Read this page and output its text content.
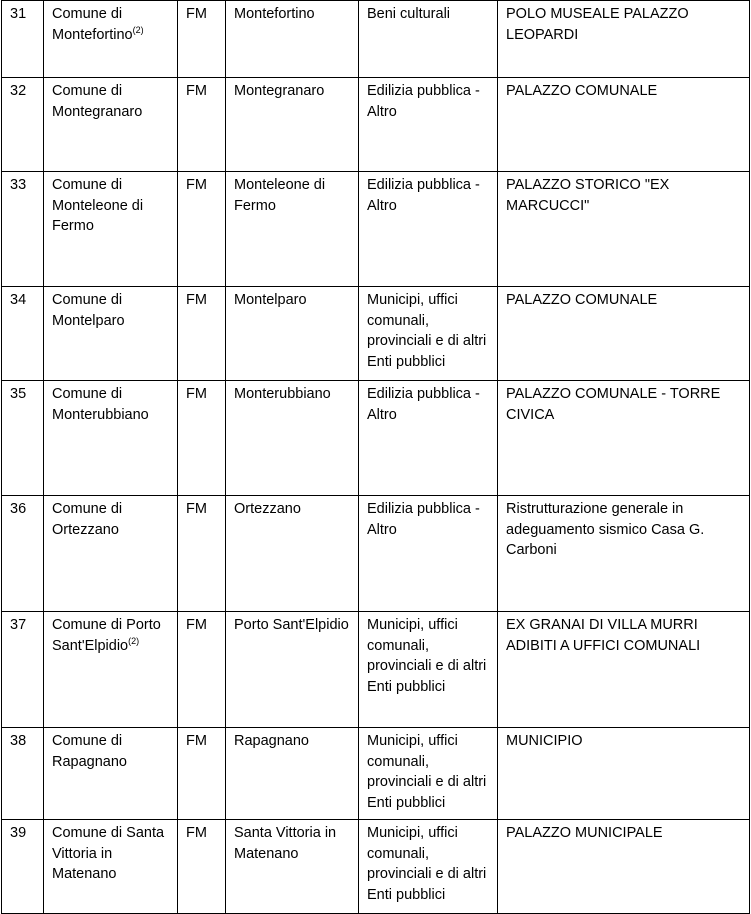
31	Comune di Montefortino$^{(2)}$	FM	Montefortino	Beni culturali	POLO MUSEALE PALAZZO LEOPARDI
32	Comune di Montegranaro	FM	Montegranaro	Edilizia pubblica - Altro	PALAZZO COMUNALE
33	Comune di Monteleone di Fermo	FM	Monteleone di Fermo	Edilizia pubblica - Altro	PALAZZO STORICO "EX MARCUCCI"
34	Comune di Montelparo	FM	Montelparo	Municipi, uffici comunali, provinciali e di altri Enti pubblici	PALAZZO COMUNALE
35	Comune di Monterubbiano	FM	Monterubbiano	Edilizia pubblica - Altro	PALAZZO COMUNALE - TORRE CIVICA
36	Comune di Ortezzano	FM	Ortezzano	Edilizia pubblica - Altro	Ristrutturazione generale in adeguamento sismico Casa G. Carboni
37	Comune di Porto Sant'Elpidio$^{(2)}$	FM	Porto Sant'Elpidio	Municipi, uffici comunali, provinciali e di altri Enti pubblici	EX GRANAI DI VILLA MURRI ADIBITI A UFFICI COMUNALI
38	Comune di Rapagnano	FM	Rapagnano	Municipi, uffici comunali, provinciali e di altri Enti pubblici	MUNICIPIO
39	Comune di Santa Vittoria in Matenano	FM	Santa Vittoria in Matenano	Municipi, uffici comunali, provinciali e di altri Enti pubblici	PALAZZO MUNICIPALE
